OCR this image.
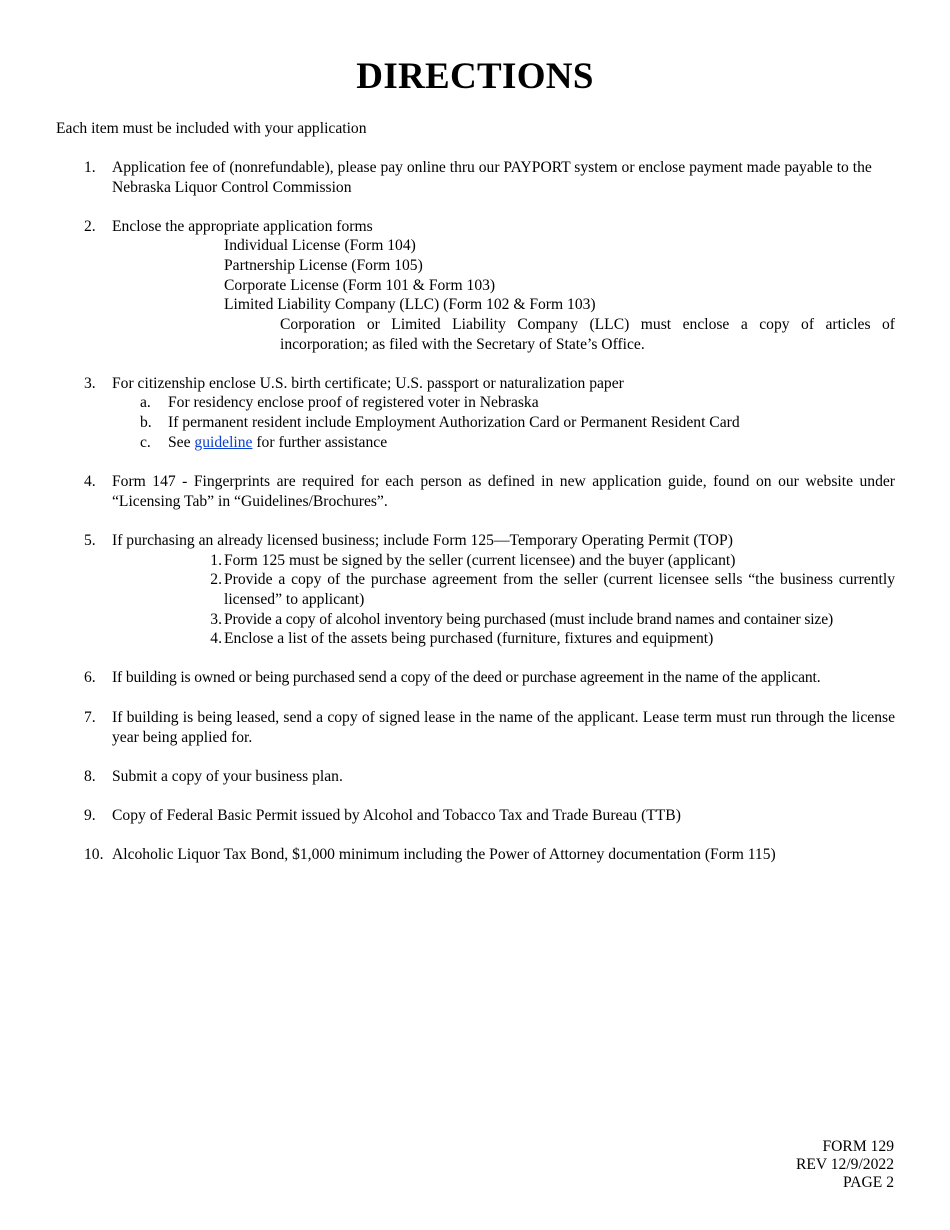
DIRECTIONS
Each item must be included with your application
1.	Application fee of (nonrefundable), please pay online thru our PAYPORT system or enclose payment made payable to the Nebraska Liquor Control Commission
2.	Enclose the appropriate application forms
Individual License (Form 104)
Partnership License (Form 105)
Corporate License (Form 101 & Form 103)
Limited Liability Company (LLC) (Form 102 & Form 103)
Corporation or Limited Liability Company (LLC) must enclose a copy of articles of incorporation; as filed with the Secretary of State’s Office.
3.	For citizenship enclose U.S. birth certificate; U.S. passport or naturalization paper
a.	For residency enclose proof of registered voter in Nebraska
b.	If permanent resident include Employment Authorization Card or Permanent Resident Card
c.	See guideline for further assistance
4.	Form 147 - Fingerprints are required for each person as defined in new application guide, found on our website under “Licensing Tab” in “Guidelines/Brochures”.
5.	If purchasing an already licensed business; include Form 125—Temporary Operating Permit (TOP)
1. Form 125 must be signed by the seller (current licensee) and the buyer (applicant)
2. Provide a copy of the purchase agreement from the seller (current licensee sells “the business currently licensed” to applicant)
3. Provide a copy of alcohol inventory being purchased (must include brand names and container size)
4. Enclose a list of the assets being purchased (furniture, fixtures and equipment)
6.	If building is owned or being purchased send a copy of the deed or purchase agreement in the name of the applicant.
7.	If building is being leased, send a copy of signed lease in the name of the applicant. Lease term must run through the license year being applied for.
8.	Submit a copy of your business plan.
9.	Copy of Federal Basic Permit issued by Alcohol and Tobacco Tax and Trade Bureau (TTB)
10. Alcoholic Liquor Tax Bond, $1,000 minimum including the Power of Attorney documentation (Form 115)
FORM 129
REV 12/9/2022
PAGE 2
